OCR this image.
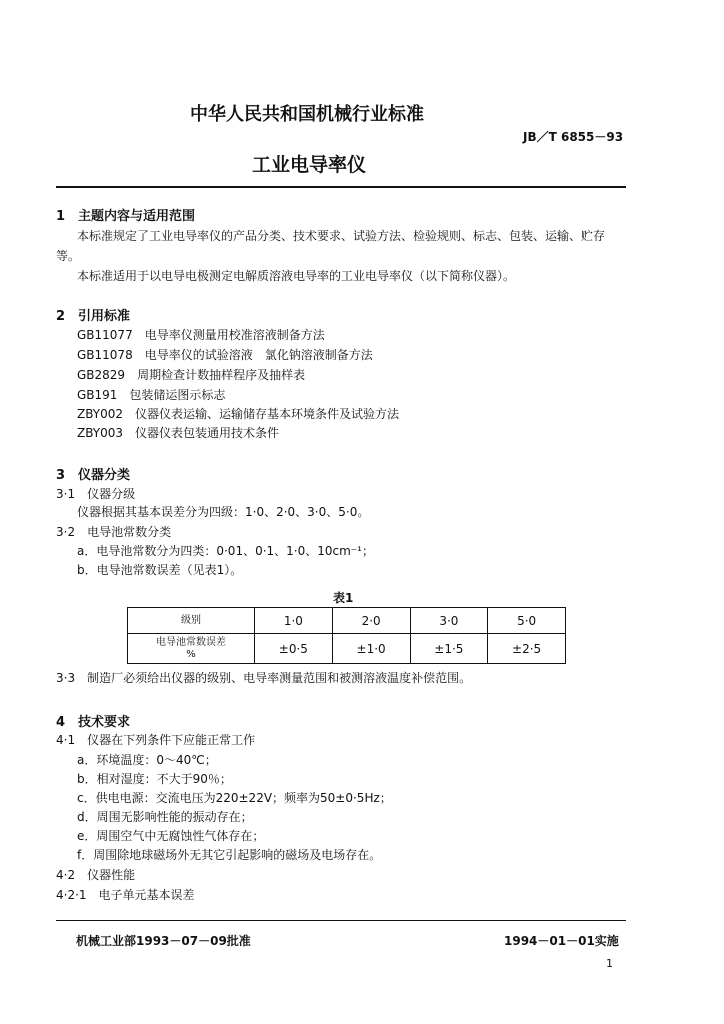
中华人民共和国机械行业标准
JB／T 6855－93
工业电导率仪
1　主题内容与适用范围
本标准规定了工业电导率仪的产品分类、技术要求、试验方法、检验规则、标志、包装、运输、贮存
等。
本标准适用于以电导电极测定电解质溶液电导率的工业电导率仪（以下简称仪器）。
2　引用标准
GB11077　电导率仪测量用校准溶液制备方法
GB11078　电导率仪的试验溶液　氯化钠溶液制备方法
GB2829　周期检查计数抽样程序及抽样表
GB191　包装储运图示标志
ZBY002　仪器仪表运输、运输储存基本环境条件及试验方法
ZBY003　仪器仪表包装通用技术条件
3　仪器分类
3·1　仪器分级
仪器根据其基本误差分为四级：1·0、2·0、3·0、5·0。
3·2　电导池常数分类
a．电导池常数分为四类：0·01、0·1、1·0、10cm⁻¹；
b．电导池常数误差（见表1）。
表1
级别	1·0	2·0	3·0	5·0

电导池常数误差
%	±0·5	±1·0	±1·5	±2·5
3·3　制造厂必须给出仪器的级别、电导率测量范围和被测溶液温度补偿范围。
4　技术要求
4·1　仪器在下列条件下应能正常工作
a．环境温度：0～40℃；
b．相对湿度：不大于90％；
c．供电电源：交流电压为220±22V；频率为50±0·5Hz；
d．周围无影响性能的振动存在；
e．周围空气中无腐蚀性气体存在；
f．周围除地球磁场外无其它引起影响的磁场及电场存在。
4·2　仪器性能
4·2·1　电子单元基本误差
机械工业部1993－07－09批准	1994－01－01实施
1
